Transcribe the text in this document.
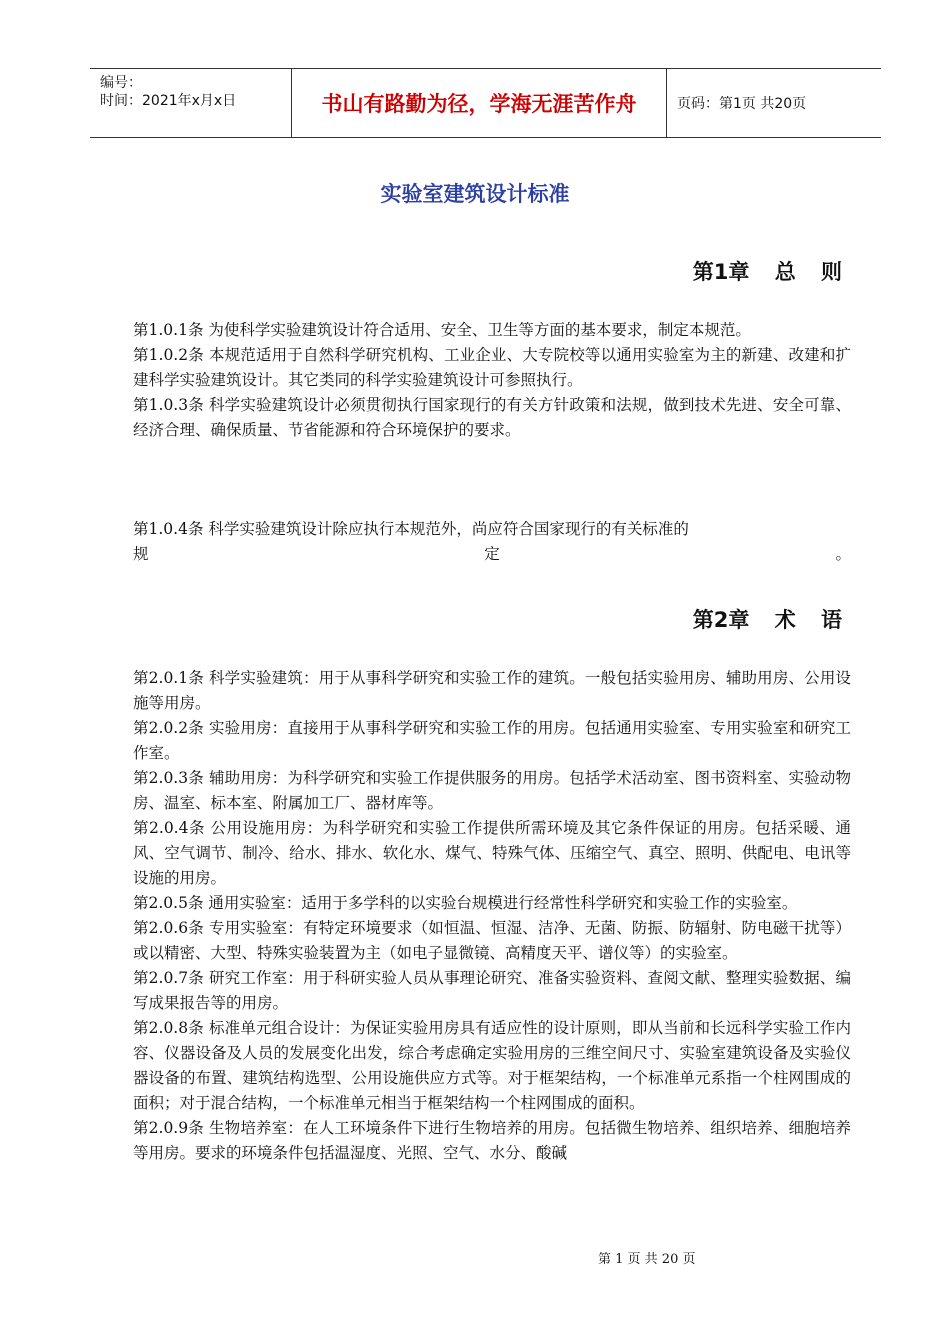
编号：
时间：2021年x月x日	书山有路勤为径，学海无涯苦作舟	页码：第1页 共20页
实验室建筑设计标准
第1章 总 则

第1.0.1条 为使科学实验建筑设计符合适用、安全、卫生等方面的基本要求，制定本规范。

第1.0.2条 本规范适用于自然科学研究机构、工业企业、大专院校等以通用实验室为主的新建、改建和扩建科学实验建筑设计。其它类同的科学实验建筑设计可参照执行。

第1.0.3条 科学实验建筑设计必须贯彻执行国家现行的有关方针政策和法规，做到技术先进、安全可靠、经济合理、确保质量、节省能源和符合环境保护的要求。

第1.0.4条 科学实验建筑设计除应执行本规范外，尚应符合国家现行的有关标准的

规	定	。
第2章 术 语

第2.0.1条 科学实验建筑：用于从事科学研究和实验工作的建筑。一般包括实验用房、辅助用房、公用设施等用房。

第2.0.2条 实验用房：直接用于从事科学研究和实验工作的用房。包括通用实验室、专用实验室和研究工作室。

第2.0.3条 辅助用房：为科学研究和实验工作提供服务的用房。包括学术活动室、图书资料室、实验动物房、温室、标本室、附属加工厂、器材库等。

第2.0.4条 公用设施用房：为科学研究和实验工作提供所需环境及其它条件保证的用房。包括采暖、通风、空气调节、制冷、给水、排水、软化水、煤气、特殊气体、压缩空气、真空、照明、供配电、电讯等设施的用房。

第2.0.5条 通用实验室：适用于多学科的以实验台规模进行经常性科学研究和实验工作的实验室。

第2.0.6条 专用实验室：有特定环境要求（如恒温、恒湿、洁净、无菌、防振、防辐射、防电磁干扰等）或以精密、大型、特殊实验装置为主（如电子显微镜、高精度天平、谱仪等）的实验室。

第2.0.7条 研究工作室：用于科研实验人员从事理论研究、准备实验资料、查阅文献、整理实验数据、编写成果报告等的用房。

第2.0.8条 标准单元组合设计：为保证实验用房具有适应性的设计原则，即从当前和长远科学实验工作内容、仪器设备及人员的发展变化出发，综合考虑确定实验用房的三维空间尺寸、实验室建筑设备及实验仪器设备的布置、建筑结构选型、公用设施供应方式等。对于框架结构，一个标准单元系指一个柱网围成的面积；对于混合结构，一个标准单元相当于框架结构一个柱网围成的面积。

第2.0.9条 生物培养室：在人工环境条件下进行生物培养的用房。包括微生物培养、组织培养、细胞培养等用房。要求的环境条件包括温湿度、光照、空气、水分、酸碱

第 1 页 共 20 页
